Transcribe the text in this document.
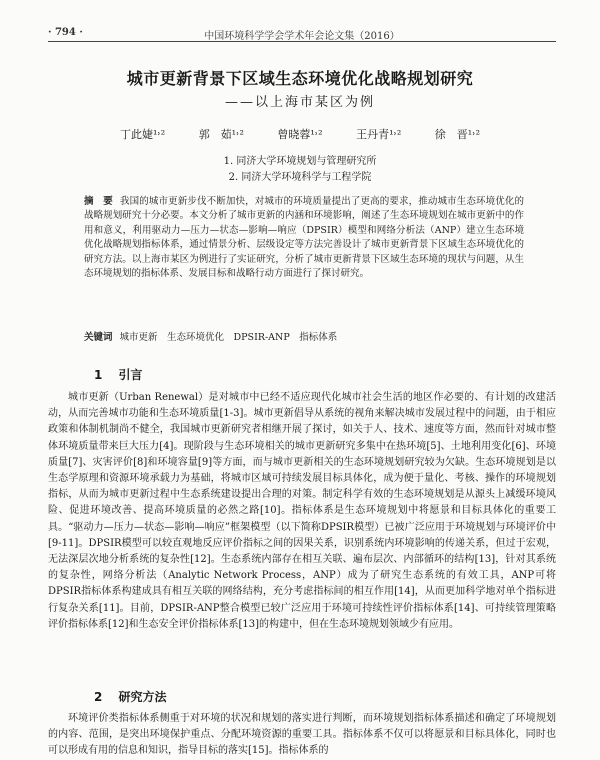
· 794 ·	中国环境科学学会学术年会论文集（2016）
城市更新背景下区域生态环境优化战略规划研究
——以上海市某区为例
丁此婕¹˒²	郭　茹¹˒²	曾晓蓉¹˒²	王丹青¹˒²	徐　晋¹˒²
1. 同济大学环境规划与管理研究所
2. 同济大学环境科学与工程学院
摘　要 我国的城市更新步伐不断加快，对城市的环境质量提出了更高的要求，推动城市生态环境优化的战略规划研究十分必要。本文分析了城市更新的内涵和环境影响，阐述了生态环境规划在城市更新中的作用和意义，利用驱动力—压力—状态—影响—响应（DPSIR）模型和网络分析法（ANP）建立生态环境优化战略规划指标体系，通过情景分析、层级设定等方法完善设计了城市更新背景下区域生态环境优化的研究方法。以上海市某区为例进行了实证研究，分析了城市更新背景下区域生态环境的现状与问题，从生态环境规划的指标体系、发展目标和战略行动方面进行了探讨研究。
关键词 城市更新　生态环境优化　DPSIR-ANP　指标体系
1 引言
城市更新（Urban Renewal）是对城市中已经不适应现代化城市社会生活的地区作必要的、有计划的改建活动，从而完善城市功能和生态环境质量[1-3]。城市更新倡导从系统的视角来解决城市发展过程中的问题，由于相应政策和体制机制尚不健全，我国城市更新研究者相继开展了探讨，如关于人、技术、速度等方面，然而针对城市整体环境质量带来巨大压力[4]。现阶段与生态环境相关的城市更新研究多集中在热环境[5]、土地利用变化[6]、环境质量[7]、灾害评价[8]和环境容量[9]等方面，而与城市更新相关的生态环境规划研究较为欠缺。生态环境规划是以生态学原理和资源环境承载力为基础，将城市区域可持续发展目标具体化，成为便于量化、考核、操作的环境规划指标，从而为城市更新过程中生态系统建设提出合理的对策。制定科学有效的生态环境规划是从源头上减缓环境风险、促进环境改善、提高环境质量的必然之路[10]。指标体系是生态环境规划中将愿景和目标具体化的重要工具。“驱动力—压力—状态—影响—响应”框架模型（以下简称DPSIR模型）已被广泛应用于环境规划与环境评价中[9-11]。DPSIR模型可以较直观地反应评价指标之间的因果关系，识别系统内环境影响的传递关系，但过于宏观，无法深层次地分析系统的复杂性[12]。生态系统内部存在相互关联、遍布层次、内部循环的结构[13]，针对其系统的复杂性，网络分析法（Analytic Network Process，ANP）成为了研究生态系统的有效工具，ANP可将DPSIR指标体系构建成具有相互关联的网络结构，充分考虑指标间的相互作用[14]，从而更加科学地对单个指标进行复杂关系[11]。目前，DPSIR-ANP整合模型已较广泛应用于环境可持续性评价指标体系[14]、可持续管理策略评价指标体系[12]和生态安全评价指标体系[13]的构建中，但在生态环境规划领域少有应用。
2 研究方法
环境评价类指标体系侧重于对环境的状况和规划的落实进行判断，而环境规划指标体系描述和确定了环境规划的内容、范围，是突出环境保护重点、分配环境资源的重要工具。指标体系不仅可以将愿景和目标具体化，同时也可以形成有用的信息和知识，指导目标的落实[15]。指标体系的
